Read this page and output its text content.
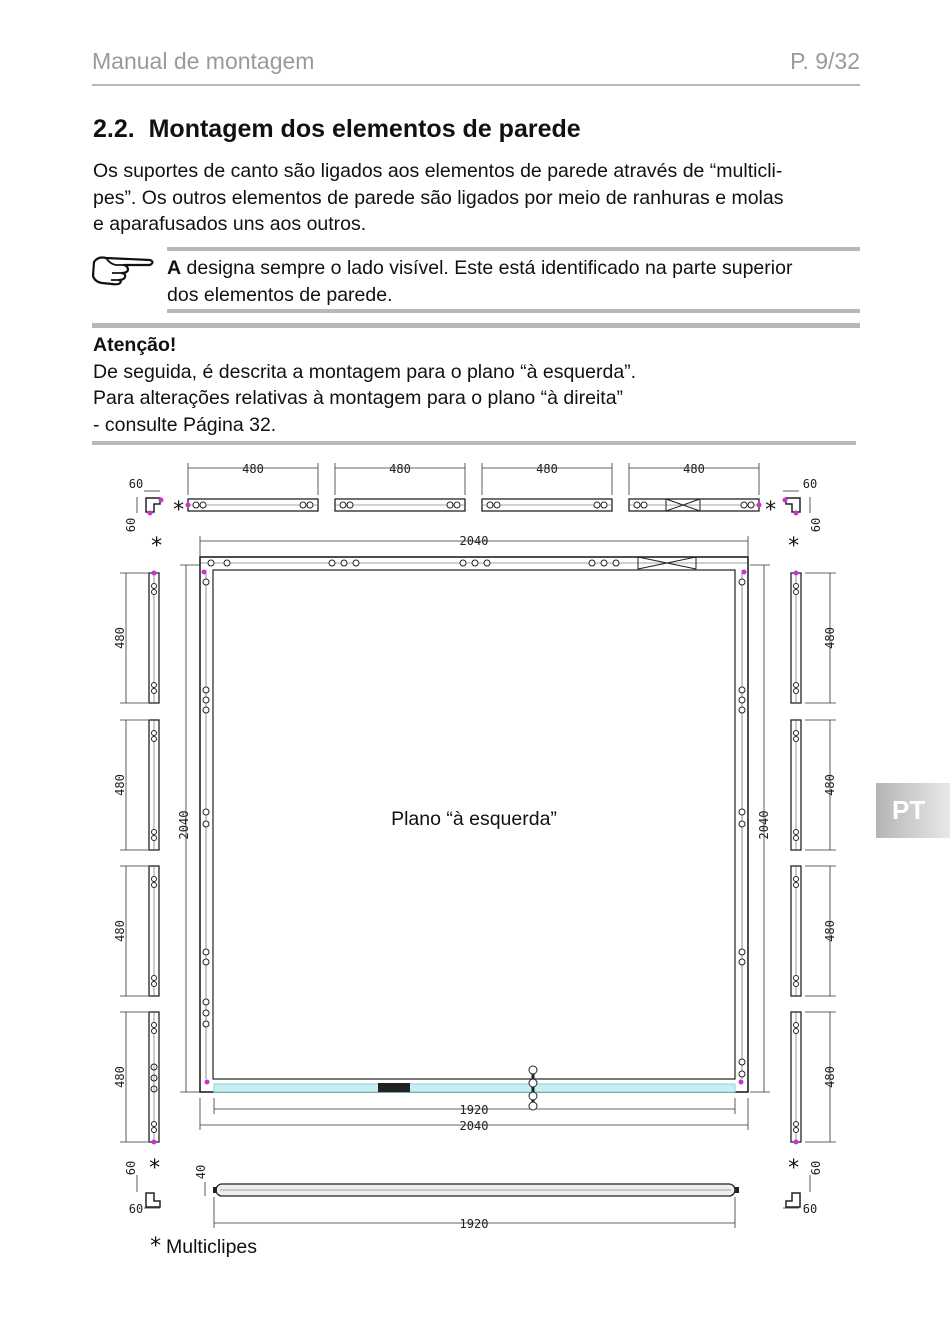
Manual de montagem	P. 9/32
2.2. Montagem dos elementos de parede
Os suportes de canto são ligados aos elementos de parede através de “multicli-
pes”. Os outros elementos de parede são ligados por meio de ranhuras e molas
e aparafusados uns aos outros.
A designa sempre o lado visível. Este está identificado na parte superior
dos elementos de parede.
Atenção!
De seguida, é descrita a montagem para o plano “à esquerda”.
Para alterações relativas à montagem para o plano “à direita”
- consulte Página 32.
PT
480	480	480	480
2040
1920
2040
1920
60	60
60	60
60	60
60	60
40
2040	2040
480
480
480
480
480
480
480
480
*	*
*	*
*	*
*
Plano “à esquerda”
Multiclipes
